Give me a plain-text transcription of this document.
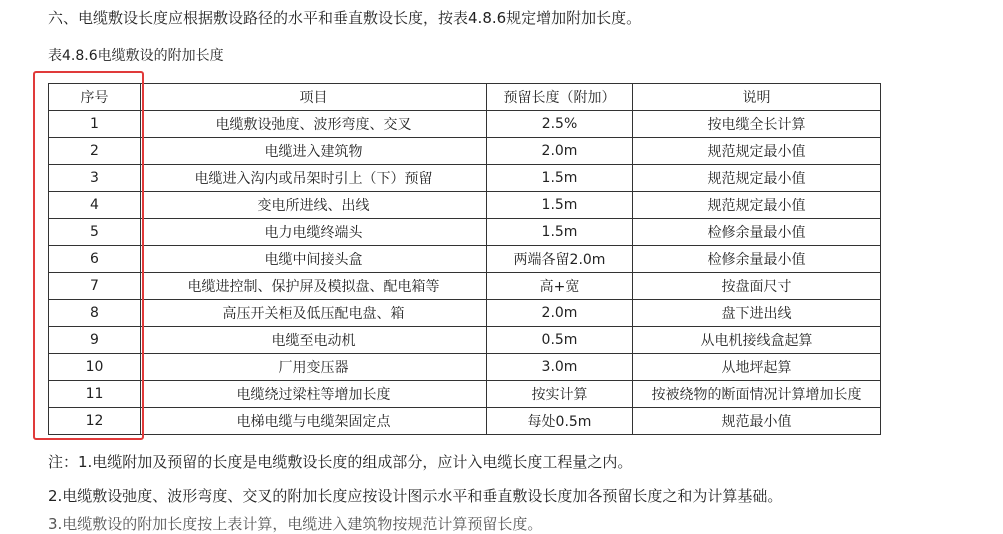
六、电缆敷设长度应根据敷设路径的水平和垂直敷设长度，按表4.8.6规定增加附加长度。
表4.8.6电缆敷设的附加长度
序号	项目	预留长度（附加）	说明
1	电缆敷设弛度、波形弯度、交叉	2.5%	按电缆全长计算
2	电缆进入建筑物	2.0m	规范规定最小值
3	电缆进入沟内或吊架时引上（下）预留	1.5m	规范规定最小值
4	变电所进线、出线	1.5m	规范规定最小值
5	电力电缆终端头	1.5m	检修余量最小值
6	电缆中间接头盒	两端各留2.0m	检修余量最小值
7	电缆进控制、保护屏及模拟盘、配电箱等	高+宽	按盘面尺寸
8	高压开关柜及低压配电盘、箱	2.0m	盘下进出线
9	电缆至电动机	0.5m	从电机接线盒起算
10	厂用变压器	3.0m	从地坪起算
11	电缆绕过梁柱等增加长度	按实计算	按被绕物的断面情况计算增加长度
12	电梯电缆与电缆架固定点	每处0.5m	规范最小值
注：1.电缆附加及预留的长度是电缆敷设长度的组成部分，应计入电缆长度工程量之内。
2.电缆敷设弛度、波形弯度、交叉的附加长度应按设计图示水平和垂直敷设长度加各预留长度之和为计算基础。
3.电缆敷设的附加长度按上表计算，电缆进入建筑物按规范计算预留长度。
